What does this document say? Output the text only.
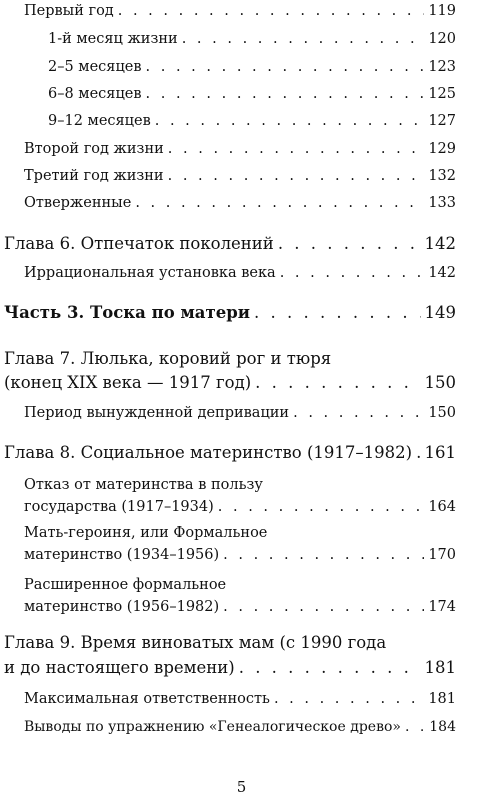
Первый год . . .	119
1-й месяц жизни . . .	120
2–5 месяцев . . .	123
6–8 месяцев . . .	125
9–12 месяцев . . .	127
Второй год жизни . . .	129
Третий год жизни . . .	132
Отверженные . . .	133
Глава 6. Отпечаток поколений . . .	142
Иррациональная установка века . . .	142
Часть 3. Тоска по матери . . .	149
Глава 7. Люлька, коровий рог и тюря
(конец XIX века — 1917 год) . . .	150
Период вынужденной депривации . . .	150
Глава 8. Социальное материнство (1917–1982) . . . 161
Отказ от материнства в пользу
государства (1917–1934) . . .	164
Мать-героиня, или Формальное
материнство (1934–1956) . . .	170
Расширенное формальное
материнство (1956–1982) . . .	174
Глава 9. Время виноватых мам (с 1990 года
и до настоящего времени) . . .	181
Максимальная ответственность . . .	181
Выводы по упражнению «Генеалогическое древо» . . . 184
5
